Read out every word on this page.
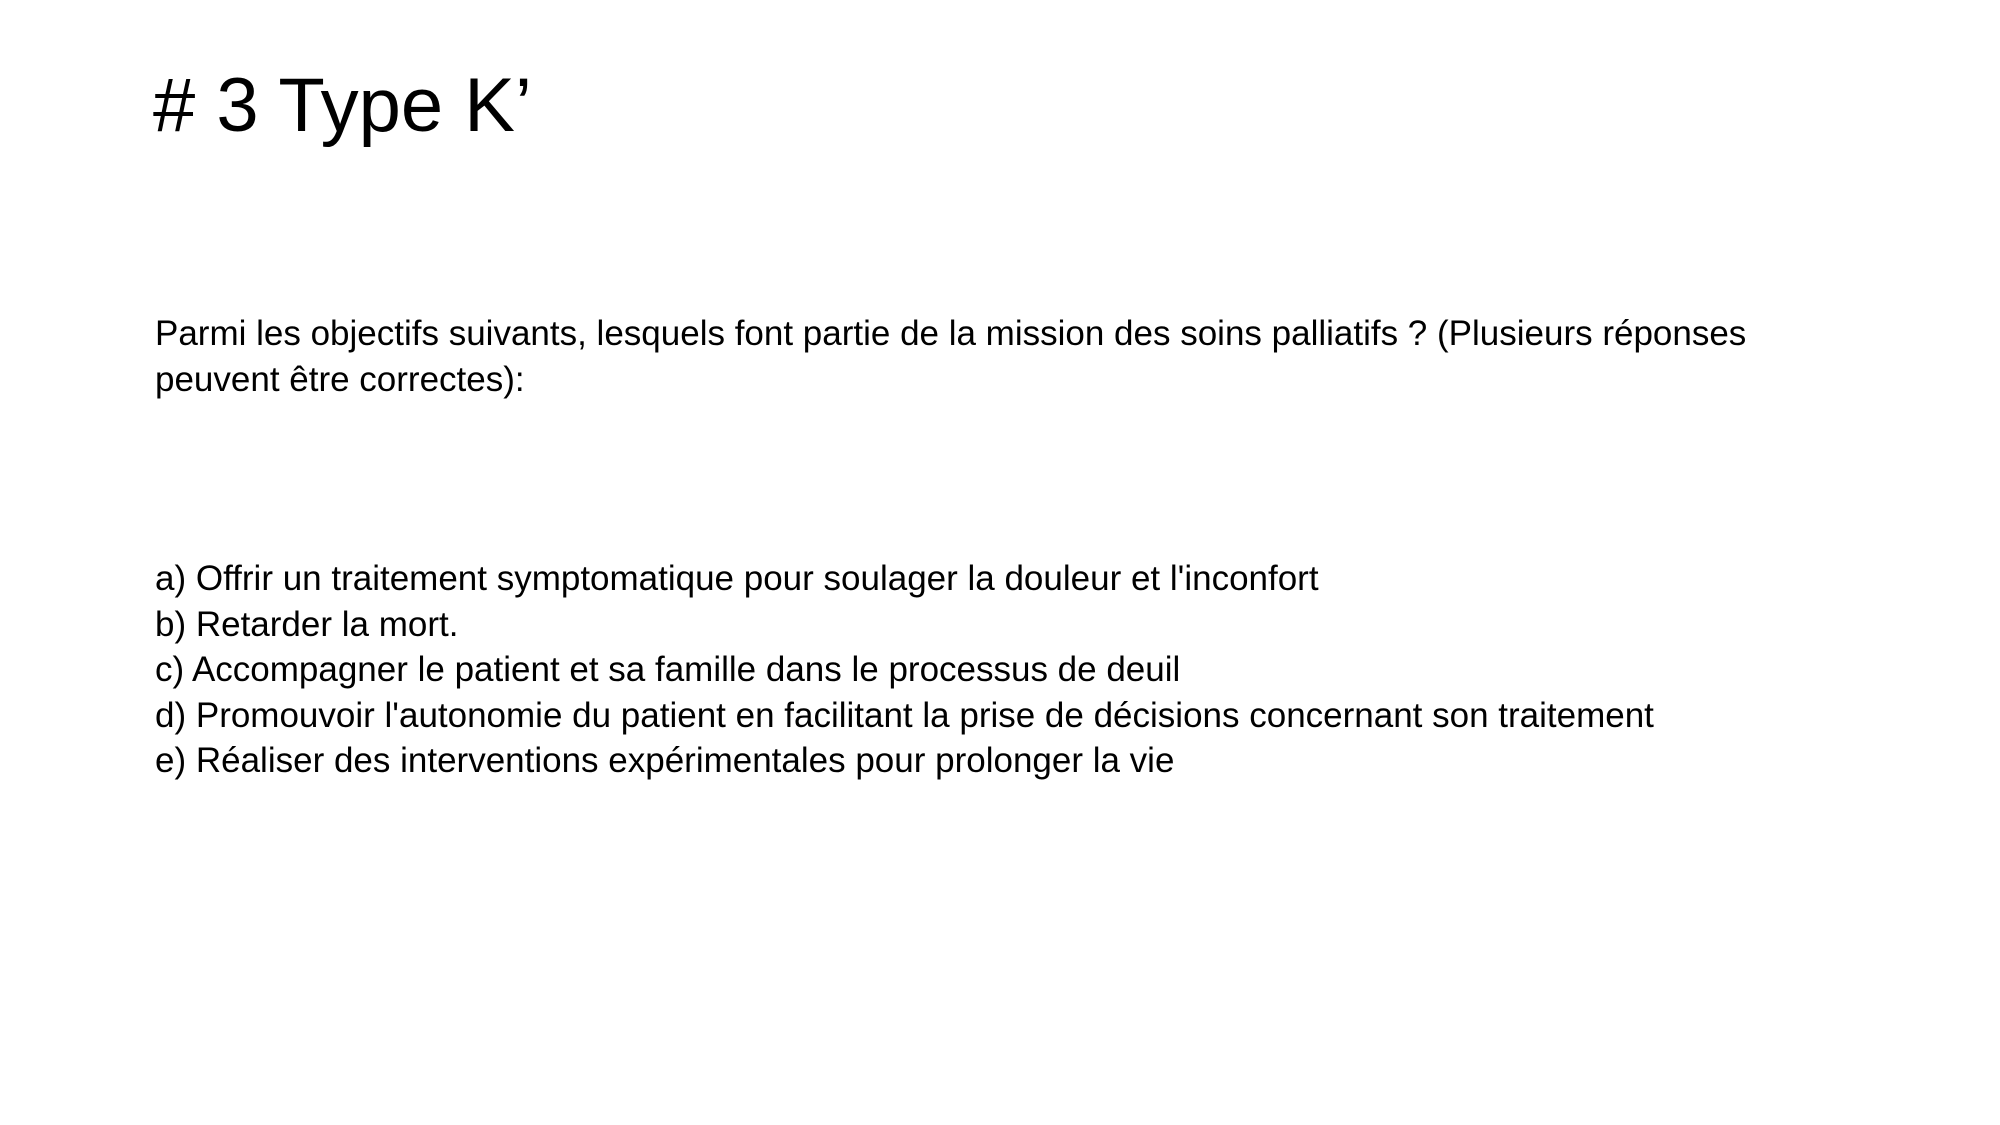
# 3 Type K’
Parmi les objectifs suivants, lesquels font partie de la mission des soins palliatifs ? (Plusieurs réponses peuvent être correctes):
a) Offrir un traitement symptomatique pour soulager la douleur et l'inconfort
b) Retarder la mort.
c) Accompagner le patient et sa famille dans le processus de deuil
d) Promouvoir l'autonomie du patient en facilitant la prise de décisions concernant son traitement
e) Réaliser des interventions expérimentales pour prolonger la vie
